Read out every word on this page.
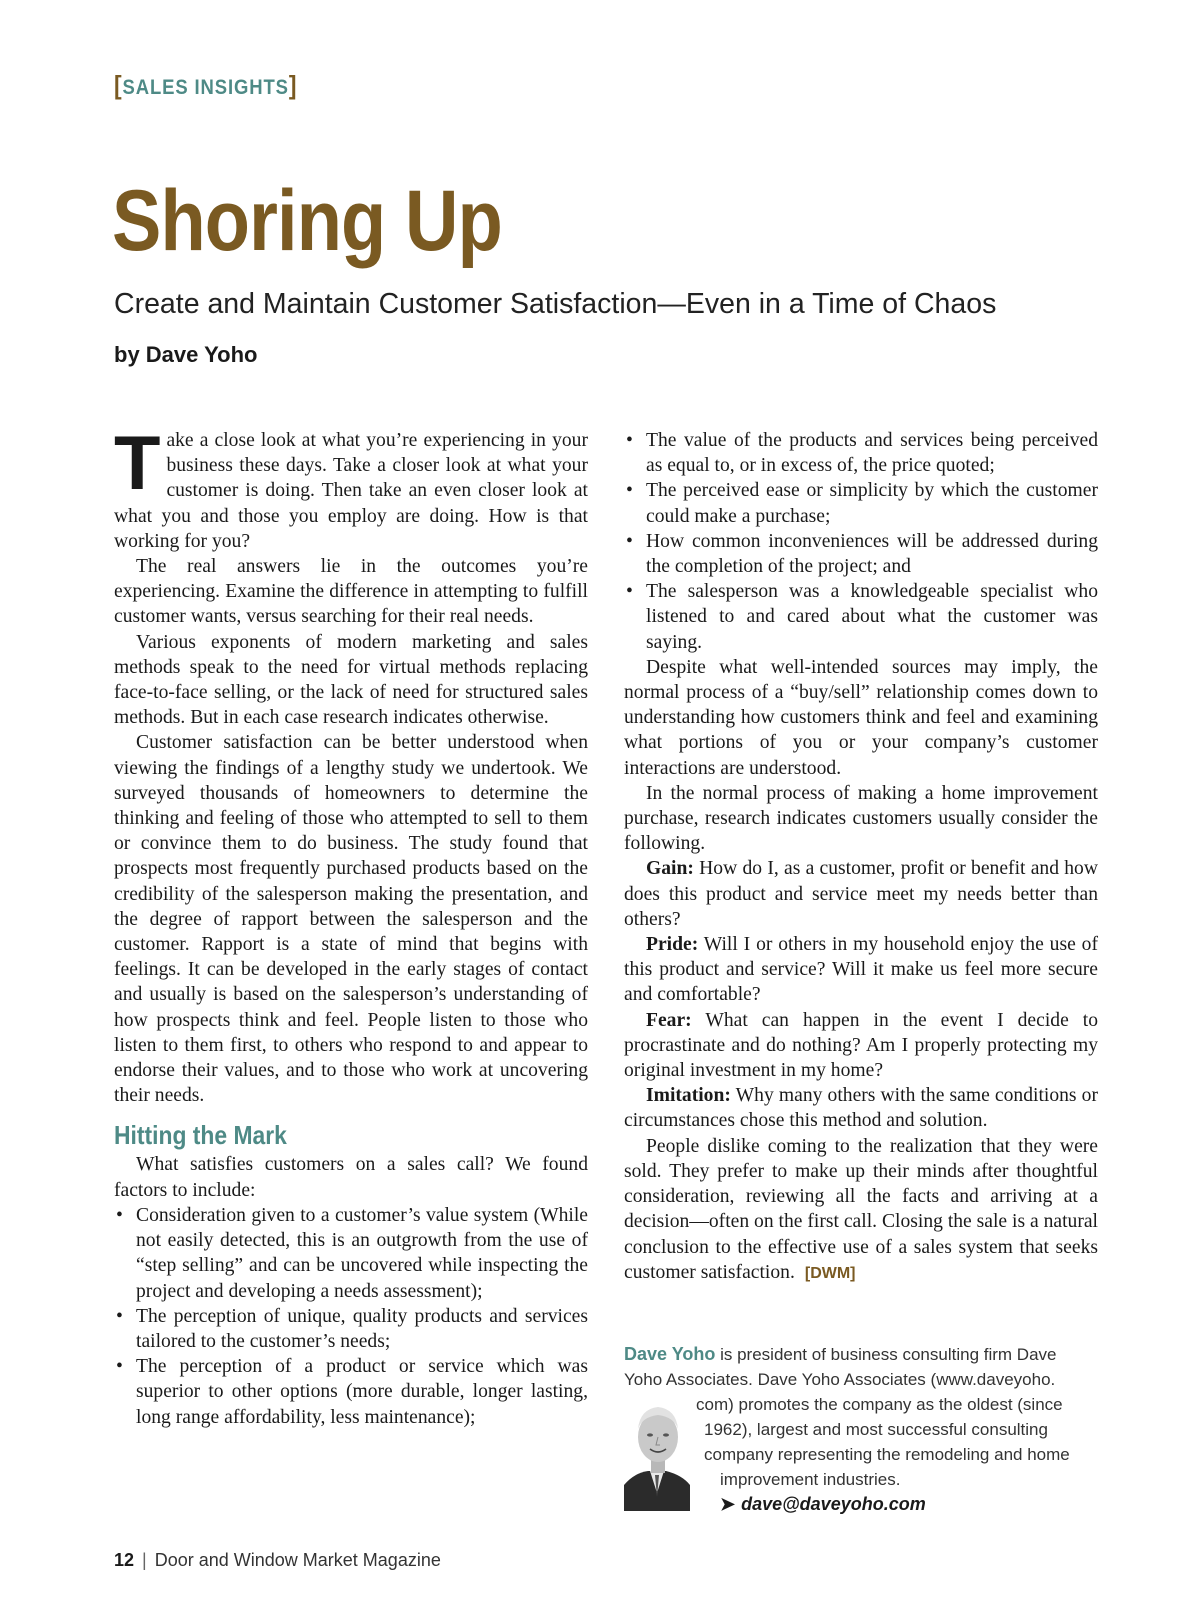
[SALES INSIGHTS]
Shoring Up
Create and Maintain Customer Satisfaction—Even in a Time of Chaos
by Dave Yoho

Take a close look at what you’re experiencing in your business these days. Take a closer look at what your customer is doing. Then take an even closer look at what you and those you employ are doing. How is that working for you?

The real answers lie in the outcomes you’re experiencing. Examine the difference in attempting to fulfill customer wants, versus searching for their real needs.

Various exponents of modern marketing and sales methods speak to the need for virtual methods replacing face-to-face selling, or the lack of need for structured sales methods. But in each case research indicates otherwise.

Customer satisfaction can be better understood when viewing the findings of a lengthy study we undertook. We surveyed thousands of homeowners to determine the thinking and feeling of those who attempted to sell to them or convince them to do business. The study found that prospects most frequently purchased products based on the credibility of the salesperson making the presentation, and the degree of rapport between the salesperson and the customer. Rapport is a state of mind that begins with feelings. It can be developed in the early stages of contact and usually is based on the salesperson’s understanding of how prospects think and feel. People listen to those who listen to them first, to others who respond to and appear to endorse their values, and to those who work at uncovering their needs.

Hitting the Mark

What satisfies customers on a sales call? We found factors to include:

• Consideration given to a customer’s value system (While not easily detected, this is an outgrowth from the use of “step selling” and can be uncovered while inspecting the project and developing a needs assessment);
• The perception of unique, quality products and services tailored to the customer’s needs;
• The perception of a product or service which was superior to other options (more durable, longer lasting, long range affordability, less maintenance);
• The value of the products and services being perceived as equal to, or in excess of, the price quoted;
• The perceived ease or simplicity by which the customer could make a purchase;
• How common inconveniences will be addressed during the completion of the project; and
• The salesperson was a knowledgeable specialist who listened to and cared about what the customer was saying.

Despite what well-intended sources may imply, the normal process of a “buy/sell” relationship comes down to understanding how customers think and feel and examining what portions of you or your company’s customer interactions are understood.

In the normal process of making a home improvement purchase, research indicates customers usually consider the following.

Gain: How do I, as a customer, profit or benefit and how does this product and service meet my needs better than others?

Pride: Will I or others in my household enjoy the use of this product and service? Will it make us feel more secure and comfortable?

Fear: What can happen in the event I decide to procrastinate and do nothing? Am I properly protecting my original investment in my home?

Imitation: Why many others with the same conditions or circumstances chose this method and solution.

People dislike coming to the realization that they were sold. They prefer to make up their minds after thoughtful consideration, reviewing all the facts and arriving at a decision—often on the first call. Closing the sale is a natural conclusion to the effective use of a sales system that seeks customer satisfaction. [DWM]

Dave Yoho is president of business consulting firm Dave
Yoho Associates. Dave Yoho Associates (www.daveyoho.
com) promotes the company as the oldest (since
1962), largest and most successful consulting
company representing the remodeling and home
improvement industries.
➤ dave@daveyoho.com
12 | Door and Window Market Magazine
